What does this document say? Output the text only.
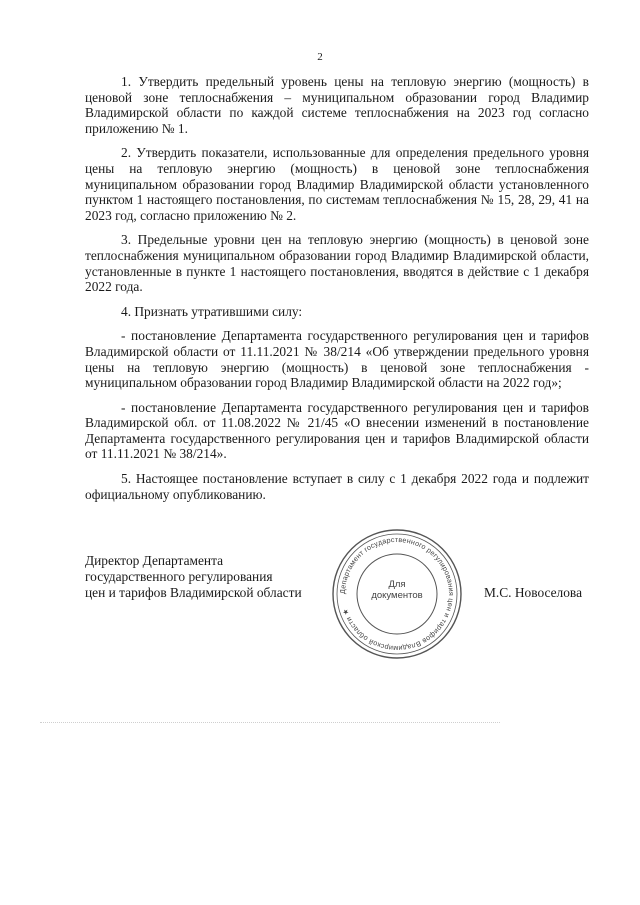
2

1. Утвердить предельный уровень цены на тепловую энергию (мощность) в ценовой зоне теплоснабжения – муниципальном образовании город Владимир Владимирской области по каждой системе теплоснабжения на 2023 год согласно приложению № 1.

2. Утвердить показатели, использованные для определения предельного уровня цены на тепловую энергию (мощность) в ценовой зоне теплоснабжения муниципальном образовании город Владимир Владимирской области установленного пунктом 1 настоящего постановления, по системам теплоснабжения № 15, 28, 29, 41 на 2023 год, согласно приложению № 2.

3. Предельные уровни цен на тепловую энергию (мощность) в ценовой зоне теплоснабжения муниципальном образовании город Владимир Владимирской области, установленные в пункте 1 настоящего постановления, вводятся в действие с 1 декабря 2022 года.

4. Признать утратившими силу:

- постановление Департамента государственного регулирования цен и тарифов Владимирской области от 11.11.2021 № 38/214 «Об утверждении предельного уровня цены на тепловую энергию (мощность) в ценовой зоне теплоснабжения - муниципальном образовании город Владимир Владимирской области на 2022 год»;

- постановление Департамента государственного регулирования цен и тарифов Владимирской обл. от 11.08.2022 № 21/45 «О внесении изменений в постановление Департамента государственного регулирования цен и тарифов Владимирской области от 11.11.2021 № 38/214».

5. Настоящее постановление вступает в силу с 1 декабря 2022 года и подлежит официальному опубликованию.

Директор Департамента
государственного регулирования
цен и тарифов Владимирской области	Департамент государственного регулирования цен и тарифов Владимирской области ★
Для
документов	М.С. Новоселова
